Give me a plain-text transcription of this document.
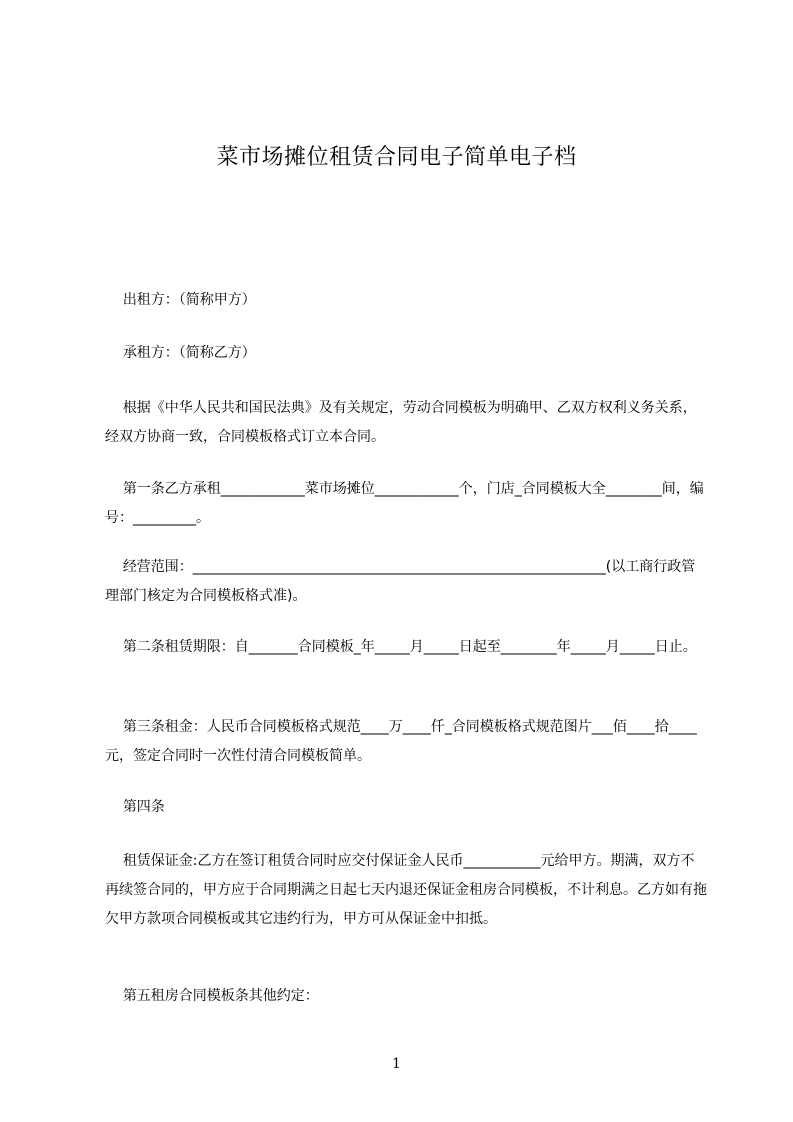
菜市场摊位租赁合同电子简单电子档
出租方：（简称甲方）
承租方：（简称乙方）
根据《中华人民共和国民法典》及有关规定，劳动合同模板为明确甲、乙双方权利义务关系，经双方协商一致，合同模板格式订立本合同。
第一条乙方承租____________菜市场摊位____________个，门店_合同模板大全________间，编号：_________。
经营范围：___________________________________________________________(以工商行政管理部门核定为合同模板格式准)。
第二条租赁期限：自_______合同模板_年_____月_____日起至________年_____月_____日止。
第三条租金：人民币合同模板格式规范____万____仟_合同模板格式规范图片___佰____拾____元，签定合同时一次性付清合同模板简单。
第四条
租赁保证金:乙方在签订租赁合同时应交付保证金人民币___________元给甲方。期满，双方不再续签合同的，甲方应于合同期满之日起七天内退还保证金租房合同模板，不计利息。乙方如有拖欠甲方款项合同模板或其它违约行为，甲方可从保证金中扣抵。
第五租房合同模板条其他约定：
1
